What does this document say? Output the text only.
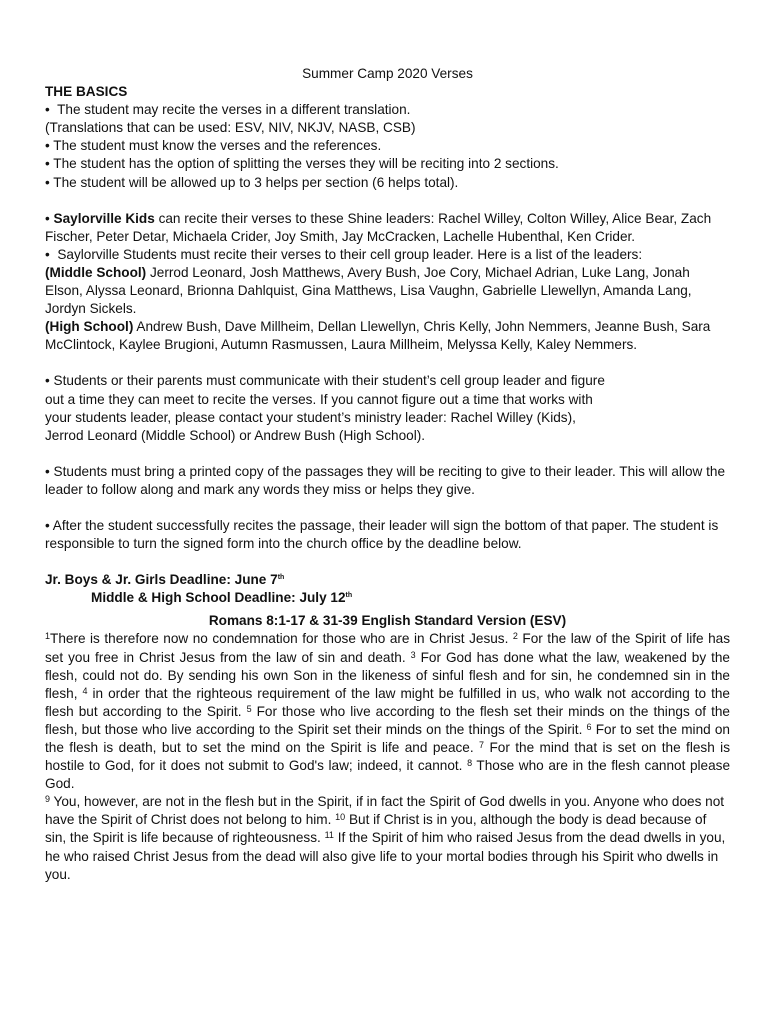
Summer Camp 2020 Verses

THE BASICS

• The student may recite the verses in a different translation.

(Translations that can be used: ESV, NIV, NKJV, NASB, CSB)

• The student must know the verses and the references.

• The student has the option of splitting the verses they will be reciting into 2 sections.

• The student will be allowed up to 3 helps per section (6 helps total).

• Saylorville Kids can recite their verses to these Shine leaders: Rachel Willey, Colton Willey, Alice Bear, Zach Fischer, Peter Detar, Michaela Crider, Joy Smith, Jay McCracken, Lachelle Hubenthal, Ken Crider.

• Saylorville Students must recite their verses to their cell group leader. Here is a list of the leaders:
(Middle School) Jerrod Leonard, Josh Matthews, Avery Bush, Joe Cory, Michael Adrian, Luke Lang, Jonah Elson, Alyssa Leonard, Brionna Dahlquist, Gina Matthews, Lisa Vaughn, Gabrielle Llewellyn, Amanda Lang, Jordyn Sickels.
(High School) Andrew Bush, Dave Millheim, Dellan Llewellyn, Chris Kelly, John Nemmers, Jeanne Bush, Sara McClintock, Kaylee Brugioni, Autumn Rasmussen, Laura Millheim, Melyssa Kelly, Kaley Nemmers.

• Students or their parents must communicate with their student’s cell group leader and figure

out a time they can meet to recite the verses. If you cannot figure out a time that works with

your students leader, please contact your student’s ministry leader: Rachel Willey (Kids),

Jerrod Leonard (Middle School) or Andrew Bush (High School).

• Students must bring a printed copy of the passages they will be reciting to give to their leader. This will allow the leader to follow along and mark any words they miss or helps they give.

• After the student successfully recites the passage, their leader will sign the bottom of that paper. The student is responsible to turn the signed form into the church office by the deadline below.

Jr. Boys & Jr. Girls Deadline: June 7th

Middle & High School Deadline: July 12th

Romans 8:1-17 & 31-39 English Standard Version (ESV)

$^1$There is therefore now no condemnation for those who are in Christ Jesus. $^2$ For the law of the Spirit of life has set you free in Christ Jesus from the law of sin and death. $^3$ For God has done what the law, weakened by the flesh, could not do. By sending his own Son in the likeness of sinful flesh and for sin, he condemned sin in the flesh, $^4$ in order that the righteous requirement of the law might be fulfilled in us, who walk not according to the flesh but according to the Spirit. $^5$ For those who live according to the flesh set their minds on the things of the flesh, but those who live according to the Spirit set their minds on the things of the Spirit. $^6$ For to set the mind on the flesh is death, but to set the mind on the Spirit is life and peace. $^7$ For the mind that is set on the flesh is hostile to God, for it does not submit to God's law; indeed, it cannot. $^8$ Those who are in the flesh cannot please God.

$^9$ You, however, are not in the flesh but in the Spirit, if in fact the Spirit of God dwells in you. Anyone who does not have the Spirit of Christ does not belong to him. $^{10}$ But if Christ is in you, although the body is dead because of sin, the Spirit is life because of righteousness. $^{11}$ If the Spirit of him who raised Jesus from the dead dwells in you, he who raised Christ Jesus from the dead will also give life to your mortal bodies through his Spirit who dwells in you.
